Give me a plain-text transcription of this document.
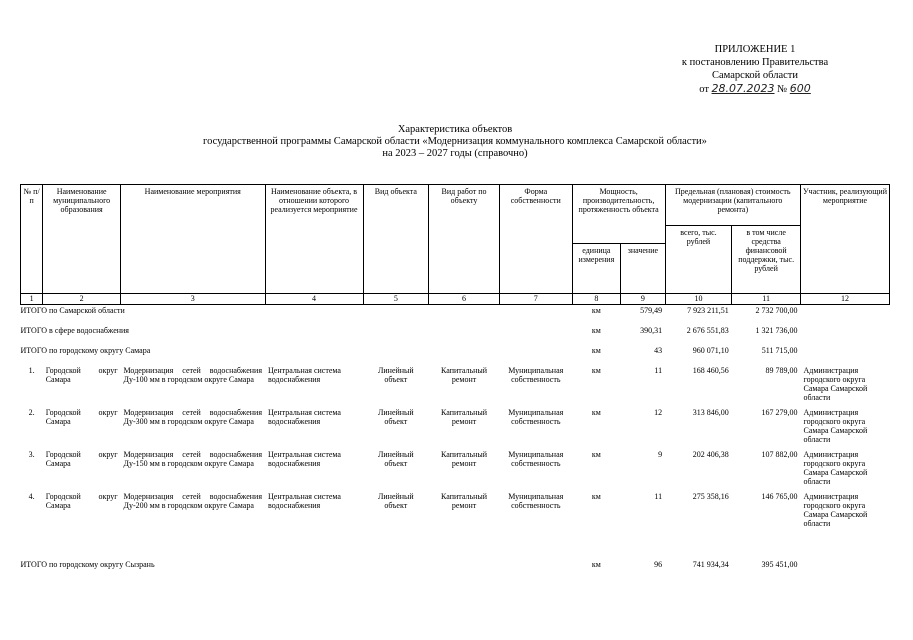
ПРИЛОЖЕНИЕ 1
к постановлению Правительства
Самарской области
от 28.07.2023 № 600
Характеристика объектов
государственной программы Самарской области «Модернизация коммунального комплекса Самарской области»
на 2023 – 2027 годы (справочно)
№ п/п	Наименование муниципального образования	Наименование мероприятия	Наименование объекта, в отношении которого реализуется мероприятие	Вид объекта	Вид работ по объекту	Форма собственности	Мощность, производительность, протяженность объекта		Предельная (плановая) стоимость модернизации (капитального ремонта)		Участник, реализующий мероприятие
									всего, тыс. рублей	в том числе средства финансовой поддержки, тыс. рублей	
							единица измерения	значение			
1	2	3	4	5	6	7	8	9	10	11	12
ИТОГО по Самарской области							км	579,49	7 923 211,51	2 732 700,00	
ИТОГО в сфере водоснабжения							км	390,31	2 676 551,83	1 321 736,00	
ИТОГО по городскому округу Самара							км	43	960 071,10	511 715,00	
1.	Городской округ Самара	Модернизация сетей водоснабжения Ду-100 мм в городском округе Самара	Центральная система водоснабжения	Линейный объект	Капитальный ремонт	Муниципальная собственность	км	11	168 460,56	89 789,00	Администрация городского округа Самара Самарской области
2.	Городской округ Самара	Модернизация сетей водоснабжения Ду-300 мм в городском округе Самара	Центральная система водоснабжения	Линейный объект	Капитальный ремонт	Муниципальная собственность	км	12	313 846,00	167 279,00	Администрация городского округа Самара Самарской области
3.	Городской округ Самара	Модернизация сетей водоснабжения Ду-150 мм в городском округе Самара	Центральная система водоснабжения	Линейный объект	Капитальный ремонт	Муниципальная собственность	км	9	202 406,38	107 882,00	Администрация городского округа Самара Самарской области
4.	Городской округ Самара	Модернизация сетей водоснабжения Ду-200 мм в городском округе Самара	Центральная система водоснабжения	Линейный объект	Капитальный ремонт	Муниципальная собственность	км	11	275 358,16	146 765,00	Администрация городского округа Самара Самарской области
ИТОГО по городскому округу Сызрань							км	96	741 934,34	395 451,00	
